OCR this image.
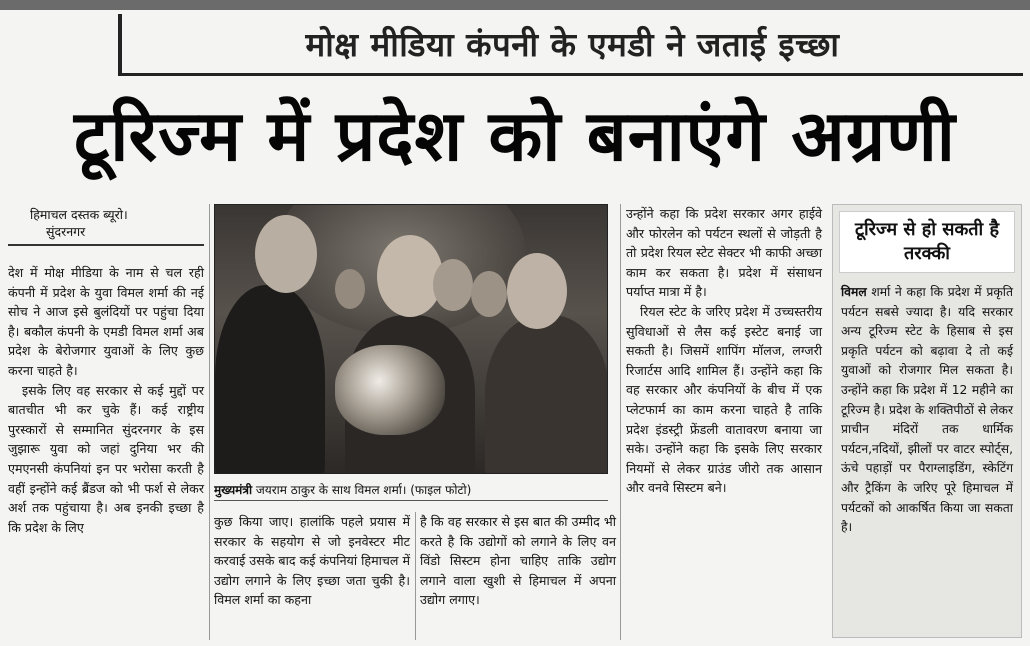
मोक्ष मीडिया कंपनी के एमडी ने जताई इच्छा
टूरिज्म में प्रदेश को बनाएंगे अग्रणी
हिमाचल दस्तक ब्यूरो।
सुंदरनगर

देश में मोक्ष मीडिया के नाम से चल रही कंपनी में प्रदेश के युवा विमल शर्मा की नई सोच ने आज इसे बुलंदियों पर पहुंचा दिया है। बकौल कंपनी के एमडी विमल शर्मा अब प्रदेश के बेरोजगार युवाओं के लिए कुछ करना चाहते है।

इसके लिए वह सरकार से कई मुद्दों पर बातचीत भी कर चुके हैं। कई राष्ट्रीय पुरस्कारों से सम्मानित सुंदरनगर के इस जुझारू युवा को जहां दुनिया भर की एमएनसी कंपनियां इन पर भरोसा करती है वहीं इन्होंने कई ब्रैंडज को भी फर्श से लेकर अर्श तक पहुंचाया है। अब इनकी इच्छा है कि प्रदेश के लिए

मुख्यमंत्री जयराम ठाकुर के साथ विमल शर्मा। (फाइल फोटो)

कुछ किया जाए। हालांकि पहले प्रयास में सरकार के सहयोग से जो इनवेस्टर मीट करवाई उसके बाद कई कंपनियां हिमाचल में उद्योग लगाने के लिए इच्छा जता चुकी है। विमल शर्मा का कहना

है कि वह सरकार से इस बात की उम्मीद भी करते है कि उद्योगों को लगाने के लिए वन विंडो सिस्टम होना चाहिए ताकि उद्योग लगाने वाला खुशी से हिमाचल में अपना उद्योग लगाए।

उन्होंने कहा कि प्रदेश सरकार अगर हाईवे और फोरलेन को पर्यटन स्थलों से जोड़ती है तो प्रदेश रियल स्टेट सेक्टर भी काफी अच्छा काम कर सकता है। प्रदेश में संसाधन पर्याप्त मात्रा में है।

रियल स्टेट के जरिए प्रदेश में उच्चस्तरीय सुविधाओं से लैस कई इस्टेट बनाई जा सकती है। जिसमें शापिंग मॉलज, लग्जरी रिजार्टस आदि शामिल हैं। उन्होंने कहा कि वह सरकार और कंपनियों के बीच में एक प्लेटफार्म का काम करना चाहते है ताकि प्रदेश इंडस्ट्री फ्रेंडली वातावरण बनाया जा सके। उन्होंने कहा कि इसके लिए सरकार नियमों से लेकर ग्राउंड जीरो तक आसान और वनवे सिस्टम बने।

टूरिज्म से हो सकती है तरक्की
विमल शर्मा ने कहा कि प्रदेश में प्रकृति पर्यटन सबसे ज्यादा है। यदि सरकार अन्य टूरिज्म स्टेट के हिसाब से इस प्रकृति पर्यटन को बढ़ावा दे तो कई युवाओं को रोजगार मिल सकता है। उन्होंने कहा कि प्रदेश में 12 महीने का टूरिज्म है। प्रदेश के शक्तिपीठों से लेकर प्राचीन मंदिरों तक धार्मिक पर्यटन,नदियों, झीलों पर वाटर स्पोर्ट्स, ऊंचे पहाड़ों पर पैराग्लाइडिंग, स्केटिंग और ट्रैकिंग के जरिए पूरे हिमाचल में पर्यटकों को आकर्षित किया जा सकता है।
